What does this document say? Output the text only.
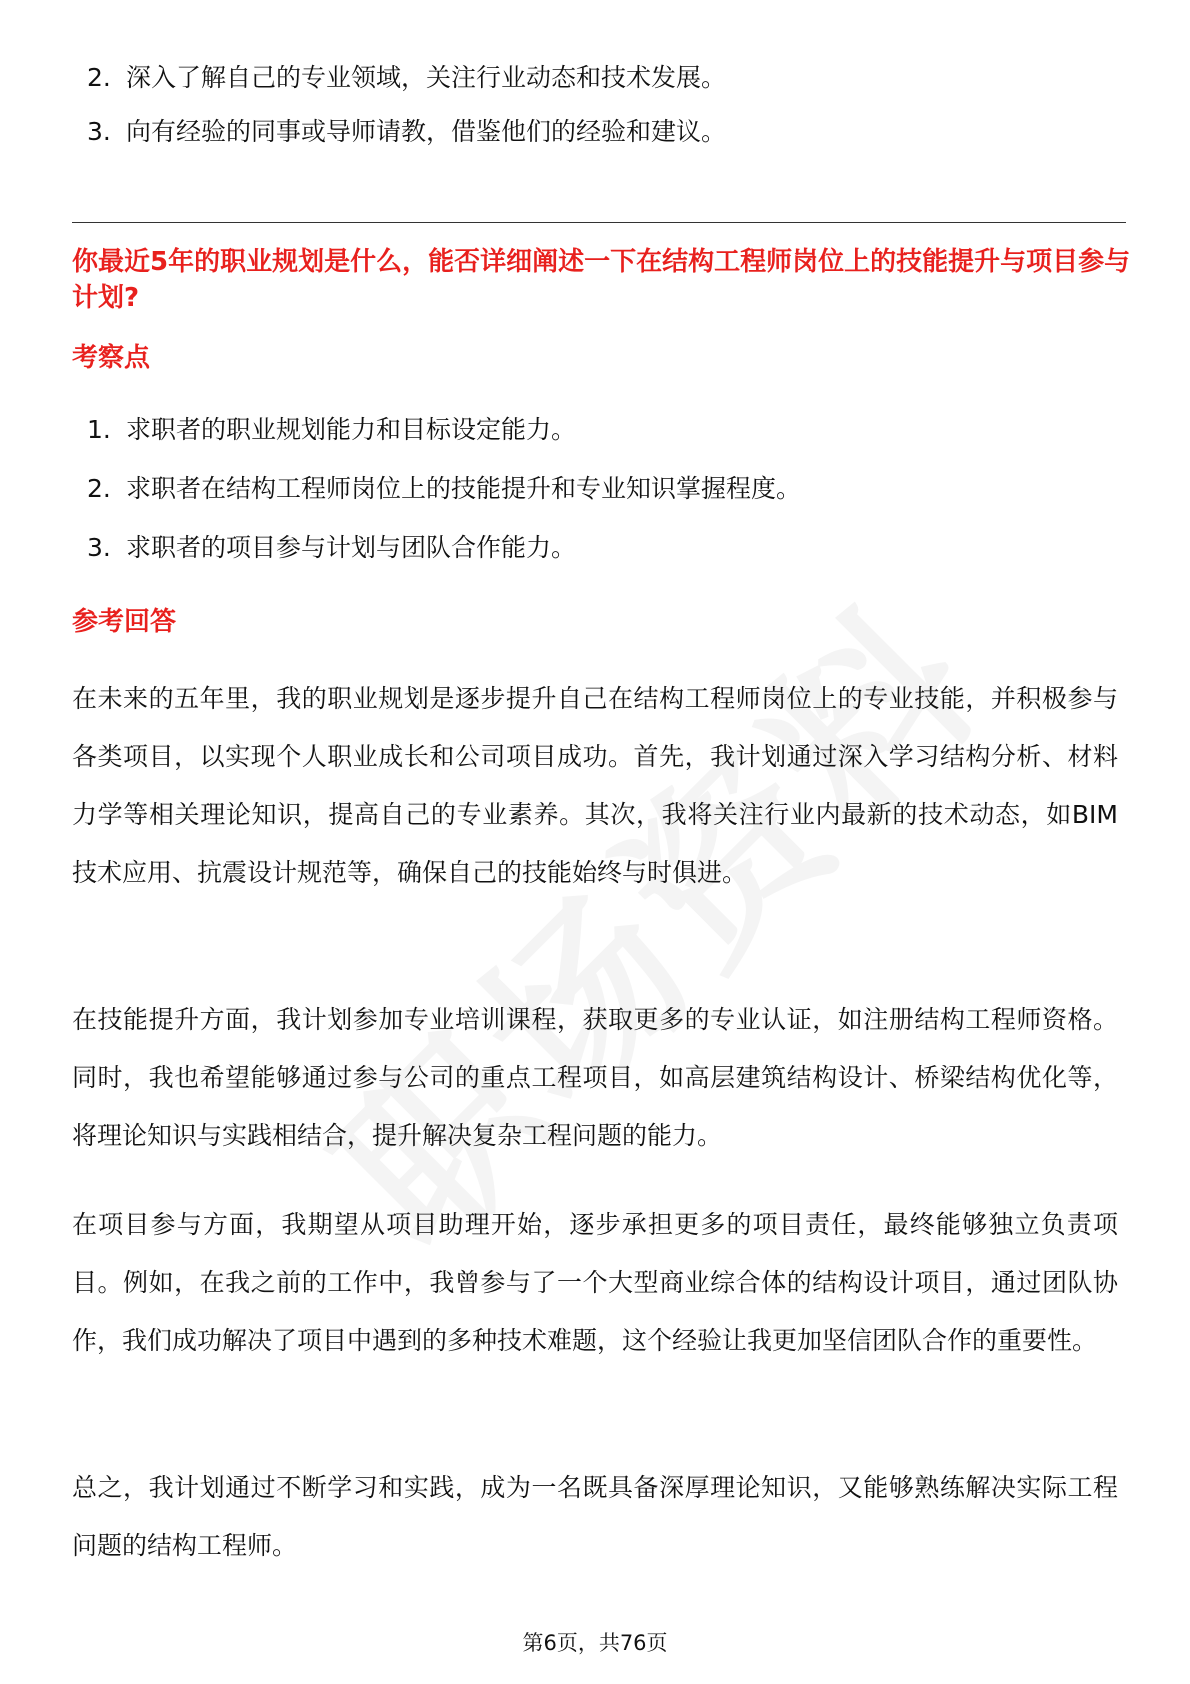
2. 深入了解自己的专业领域，关注行业动态和技术发展。
3. 向有经验的同事或导师请教，借鉴他们的经验和建议。
你最近5年的职业规划是什么，能否详细阐述一下在结构工程师岗位上的技能提升与项目参与计划?
考察点
1. 求职者的职业规划能力和目标设定能力。
2. 求职者在结构工程师岗位上的技能提升和专业知识掌握程度。
3. 求职者的项目参与计划与团队合作能力。
参考回答
在未来的五年里，我的职业规划是逐步提升自己在结构工程师岗位上的专业技能，并积极参与各类项目，以实现个人职业成长和公司项目成功。首先，我计划通过深入学习结构分析、材料力学等相关理论知识，提高自己的专业素养。其次，我将关注行业内最新的技术动态，如BIM技术应用、抗震设计规范等，确保自己的技能始终与时俱进。
在技能提升方面，我计划参加专业培训课程，获取更多的专业认证，如注册结构工程师资格。同时，我也希望能够通过参与公司的重点工程项目，如高层建筑结构设计、桥梁结构优化等，将理论知识与实践相结合，提升解决复杂工程问题的能力。
在项目参与方面，我期望从项目助理开始，逐步承担更多的项目责任，最终能够独立负责项目。例如，在我之前的工作中，我曾参与了一个大型商业综合体的结构设计项目，通过团队协作，我们成功解决了项目中遇到的多种技术难题，这个经验让我更加坚信团队合作的重要性。
总之，我计划通过不断学习和实践，成为一名既具备深厚理论知识，又能够熟练解决实际工程问题的结构工程师。
第6页，共76页
